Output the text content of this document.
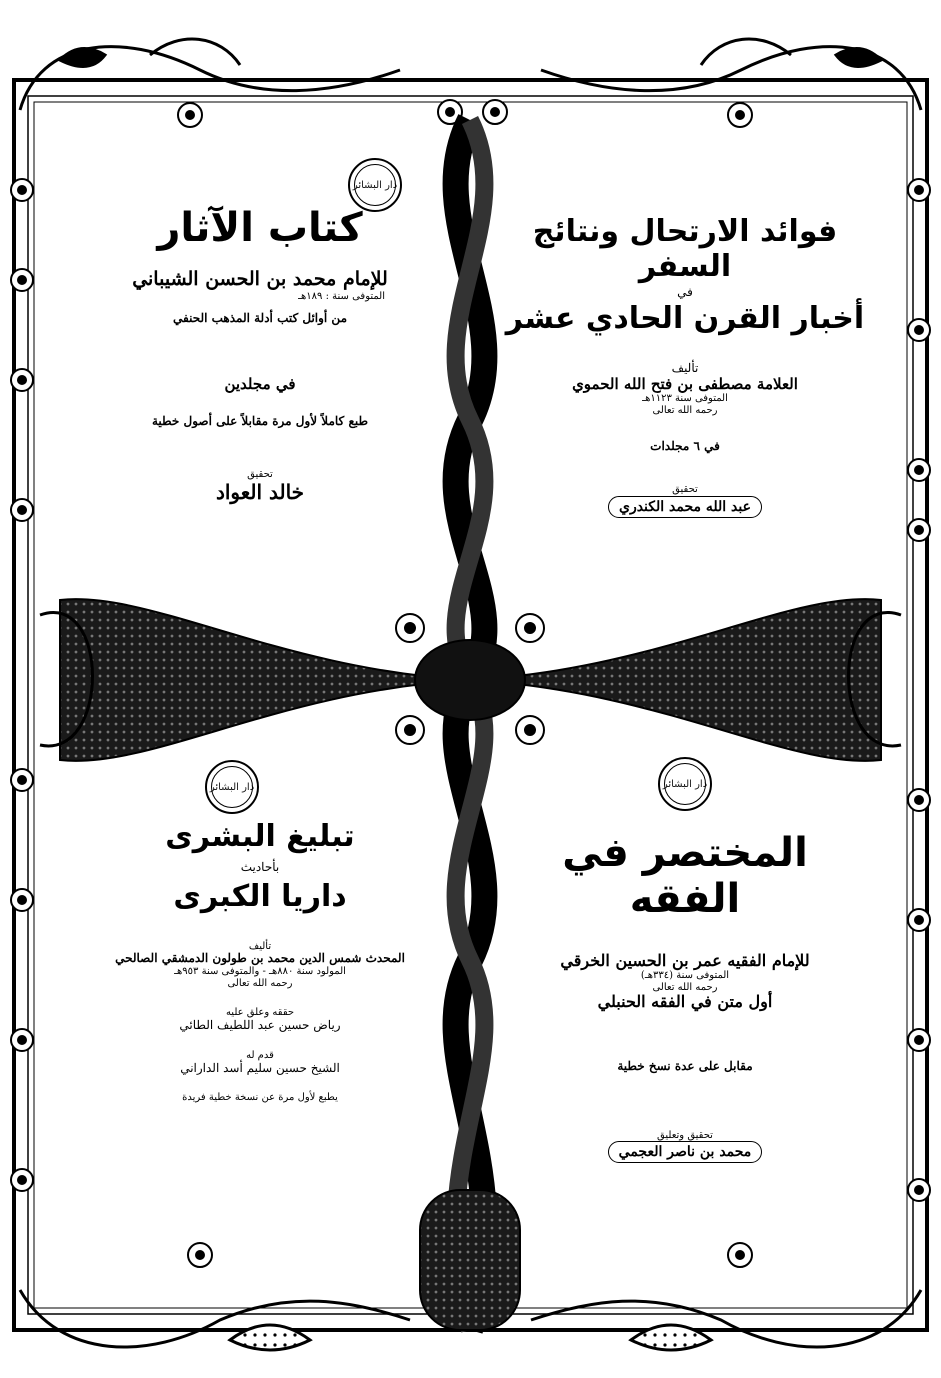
دار البشائر
دار البشائر	دار البشائر
فوائد الارتحال ونتائج السفر
في
أخبار القرن الحادي عشر
تأليف
العلامة مصطفى بن فتح الله الحموي
المتوفى سنة ١١٢٣هـ
رحمه الله تعالى
في ٦ مجلدات
تحقيق
عبد الله محمد الكندري
كتاب الآثار
للإمام محمد بن الحسن الشيباني
المتوفى سنة : ١٨٩هـ
من أوائل كتب أدلة المذهب الحنفي
في مجلدين
طبع كاملاً لأول مرة مقابلاً على أصول خطية
تحقيق
خالد العواد
المختصر في الفقه
للإمام الفقيه عمر بن الحسين الخرقي
المتوفى سنة (٣٣٤هـ)
رحمه الله تعالى
أول متن في الفقه الحنبلي
مقابل على عدة نسخ خطية
تحقيق وتعليق
محمد بن ناصر العجمي
تبليغ البشرى
بأحاديث
داريا الكبرى
تأليف
المحدث شمس الدين محمد بن طولون الدمشقي الصالحي
المولود سنة ٨٨٠هـ - والمتوفى سنة ٩٥٣هـ
رحمه الله تعالى
حققه وعلق عليه
رياض حسين عبد اللطيف الطائي
قدم له
الشيخ حسين سليم أسد الداراني
يطبع لأول مرة عن نسخة خطية فريدة
